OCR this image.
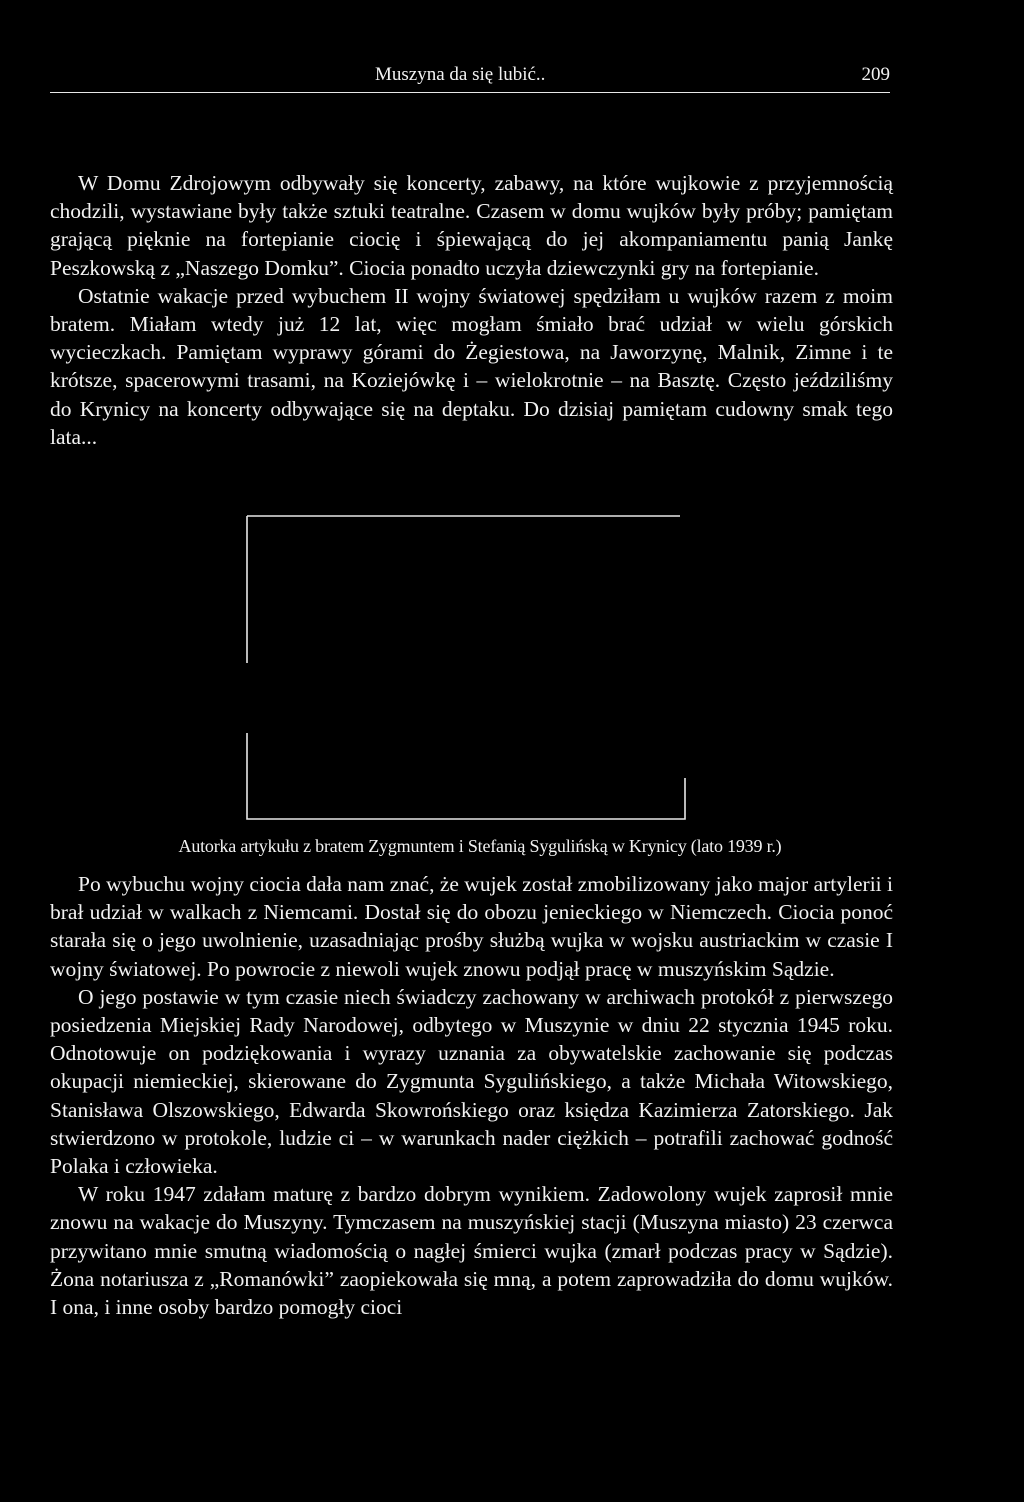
Muszyna da się lubić..	209

W Domu Zdrojowym odbywały się koncerty, zabawy, na które wujkowie z przyjemnością chodzili, wystawiane były także sztuki teatralne. Czasem w domu wujków były próby; pamiętam grającą pięknie na fortepianie ciocię i śpiewającą do jej akompaniamentu panią Jankę Peszkowską z „Naszego Domku”. Ciocia ponadto uczyła dziewczynki gry na fortepianie.

Ostatnie wakacje przed wybuchem II wojny światowej spędziłam u wujków razem z moim bratem. Miałam wtedy już 12 lat, więc mogłam śmiało brać udział w wielu górskich wycieczkach. Pamiętam wyprawy górami do Żegiestowa, na Jaworzynę, Malnik, Zimne i te krótsze, spacerowymi trasami, na Koziejówkę i – wielokrotnie – na Basztę. Często jeździliśmy do Krynicy na koncerty odbywające się na deptaku. Do dzisiaj pamiętam cudowny smak tego lata...

Autorka artykułu z bratem Zygmuntem i Stefanią Sygulińską w Krynicy (lato 1939 r.)

Po wybuchu wojny ciocia dała nam znać, że wujek został zmobilizowany jako major artylerii i brał udział w walkach z Niemcami. Dostał się do obozu jenieckiego w Niemczech. Ciocia ponoć starała się o jego uwolnienie, uzasadniając prośby służbą wujka w wojsku austriackim w czasie I wojny światowej. Po powrocie z niewoli wujek znowu podjął pracę w muszyńskim Sądzie.

O jego postawie w tym czasie niech świadczy zachowany w archiwach protokół z pierwszego posiedzenia Miejskiej Rady Narodowej, odbytego w Muszynie w dniu 22 stycznia 1945 roku. Odnotowuje on podziękowania i wyrazy uznania za obywatelskie zachowanie się podczas okupacji niemieckiej, skierowane do Zygmunta Sygulińskiego, a także Michała Witowskiego, Stanisława Olszowskiego, Edwarda Skowrońskiego oraz księdza Kazimierza Zatorskiego. Jak stwierdzono w protokole, ludzie ci – w warunkach nader ciężkich – potrafili zachować godność Polaka i człowieka.

W roku 1947 zdałam maturę z bardzo dobrym wynikiem. Zadowolony wujek zaprosił mnie znowu na wakacje do Muszyny. Tymczasem na muszyńskiej stacji (Muszyna miasto) 23 czerwca przywitano mnie smutną wiadomością o nagłej śmierci wujka (zmarł podczas pracy w Sądzie). Żona notariusza z „Romanówki” zaopiekowała się mną, a potem zaprowadziła do domu wujków. I ona, i inne osoby bardzo pomogły cioci
